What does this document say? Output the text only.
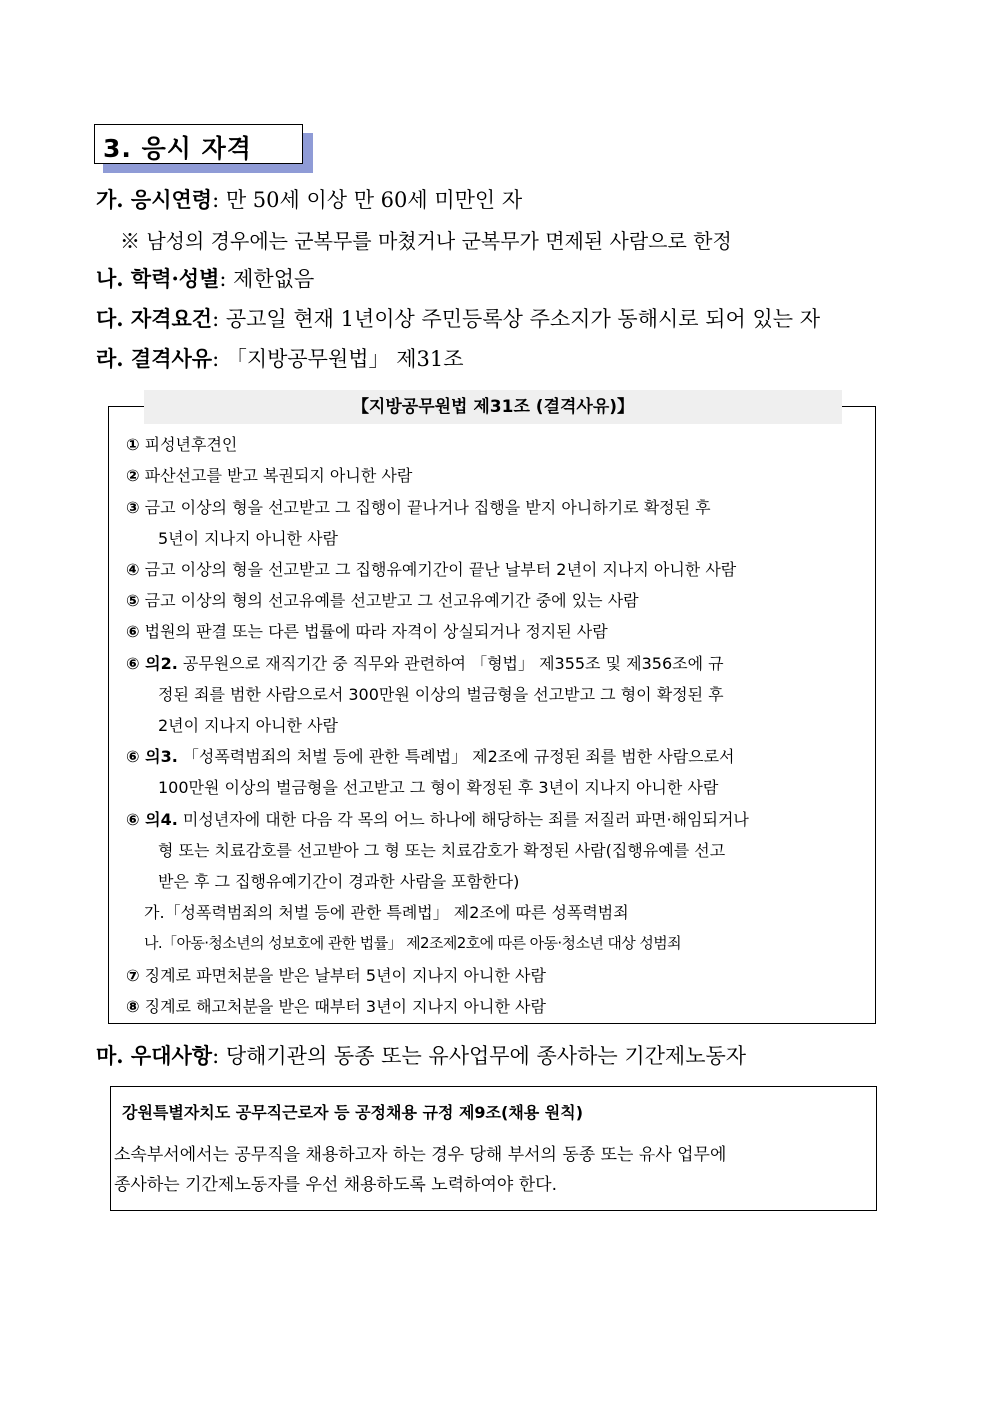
3. 응시 자격
가. 응시연령: 만 50세 이상 만 60세 미만인 자
※ 남성의 경우에는 군복무를 마쳤거나 군복무가 면제된 사람으로 한정
나. 학력·성별: 제한없음
다. 자격요건: 공고일 현재 1년이상 주민등록상 주소지가 동해시로 되어 있는 자
라. 결격사유: 「지방공무원법」 제31조
【지방공무원법 제31조 (결격사유)】
① 피성년후견인
② 파산선고를 받고 복권되지 아니한 사람
③ 금고 이상의 형을 선고받고 그 집행이 끝나거나 집행을 받지 아니하기로 확정된 후
5년이 지나지 아니한 사람
④ 금고 이상의 형을 선고받고 그 집행유예기간이 끝난 날부터 2년이 지나지 아니한 사람
⑤ 금고 이상의 형의 선고유예를 선고받고 그 선고유예기간 중에 있는 사람
⑥ 법원의 판결 또는 다른 법률에 따라 자격이 상실되거나 정지된 사람
⑥ 의2. 공무원으로 재직기간 중 직무와 관련하여 「형법」 제355조 및 제356조에 규
정된 죄를 범한 사람으로서 300만원 이상의 벌금형을 선고받고 그 형이 확정된 후
2년이 지나지 아니한 사람
⑥ 의3. 「성폭력범죄의 처벌 등에 관한 특례법」 제2조에 규정된 죄를 범한 사람으로서
100만원 이상의 벌금형을 선고받고 그 형이 확정된 후 3년이 지나지 아니한 사람
⑥ 의4. 미성년자에 대한 다음 각 목의 어느 하나에 해당하는 죄를 저질러 파면·해임되거나
형 또는 치료감호를 선고받아 그 형 또는 치료감호가 확정된 사람(집행유예를 선고
받은 후 그 집행유예기간이 경과한 사람을 포함한다)
가.「성폭력범죄의 처벌 등에 관한 특례법」 제2조에 따른 성폭력범죄
나.「아동·청소년의 성보호에 관한 법률」 제2조제2호에 따른 아동·청소년 대상 성범죄
⑦ 징계로 파면처분을 받은 날부터 5년이 지나지 아니한 사람
⑧ 징계로 해고처분을 받은 때부터 3년이 지나지 아니한 사람
마. 우대사항: 당해기관의 동종 또는 유사업무에 종사하는 기간제노동자
강원특별자치도 공무직근로자 등 공정채용 규정 제9조(채용 원칙)
소속부서에서는 공무직을 채용하고자 하는 경우 당해 부서의 동종 또는 유사 업무에
종사하는 기간제노동자를 우선 채용하도록 노력하여야 한다.
